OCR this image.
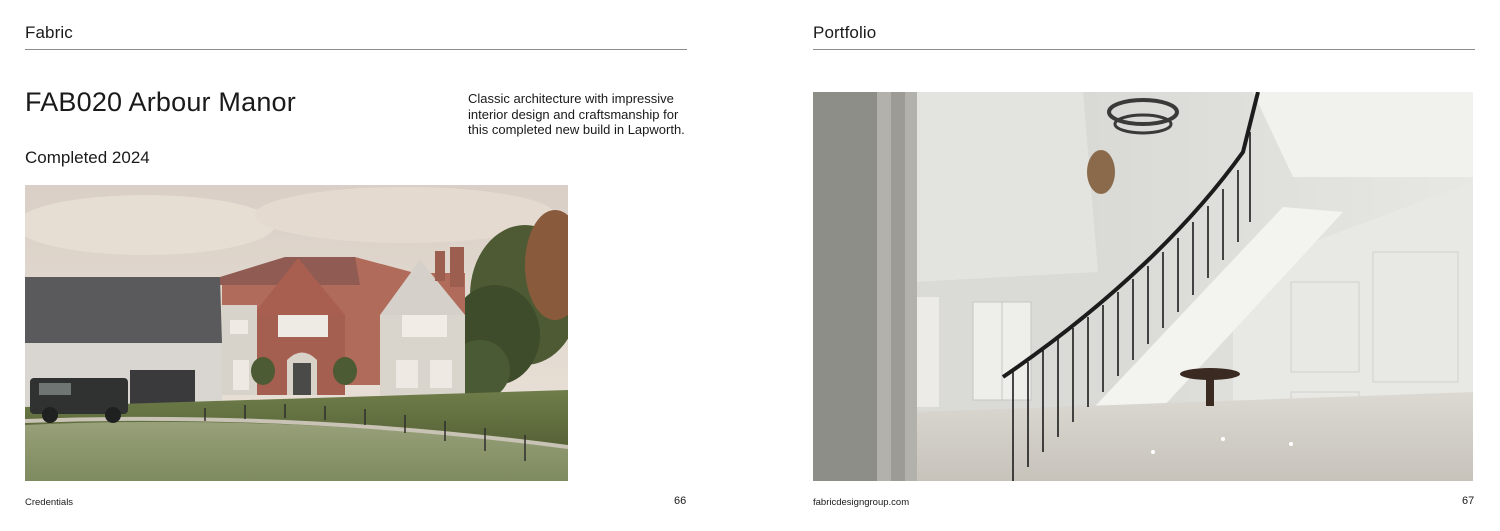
Fabric
FAB020 Arbour Manor
Completed 2024
Classic architecture with impressive interior design and craftsmanship for this completed new build in Lapworth.
Credentials	66
Portfolio
fabricdesigngroup.com	67
